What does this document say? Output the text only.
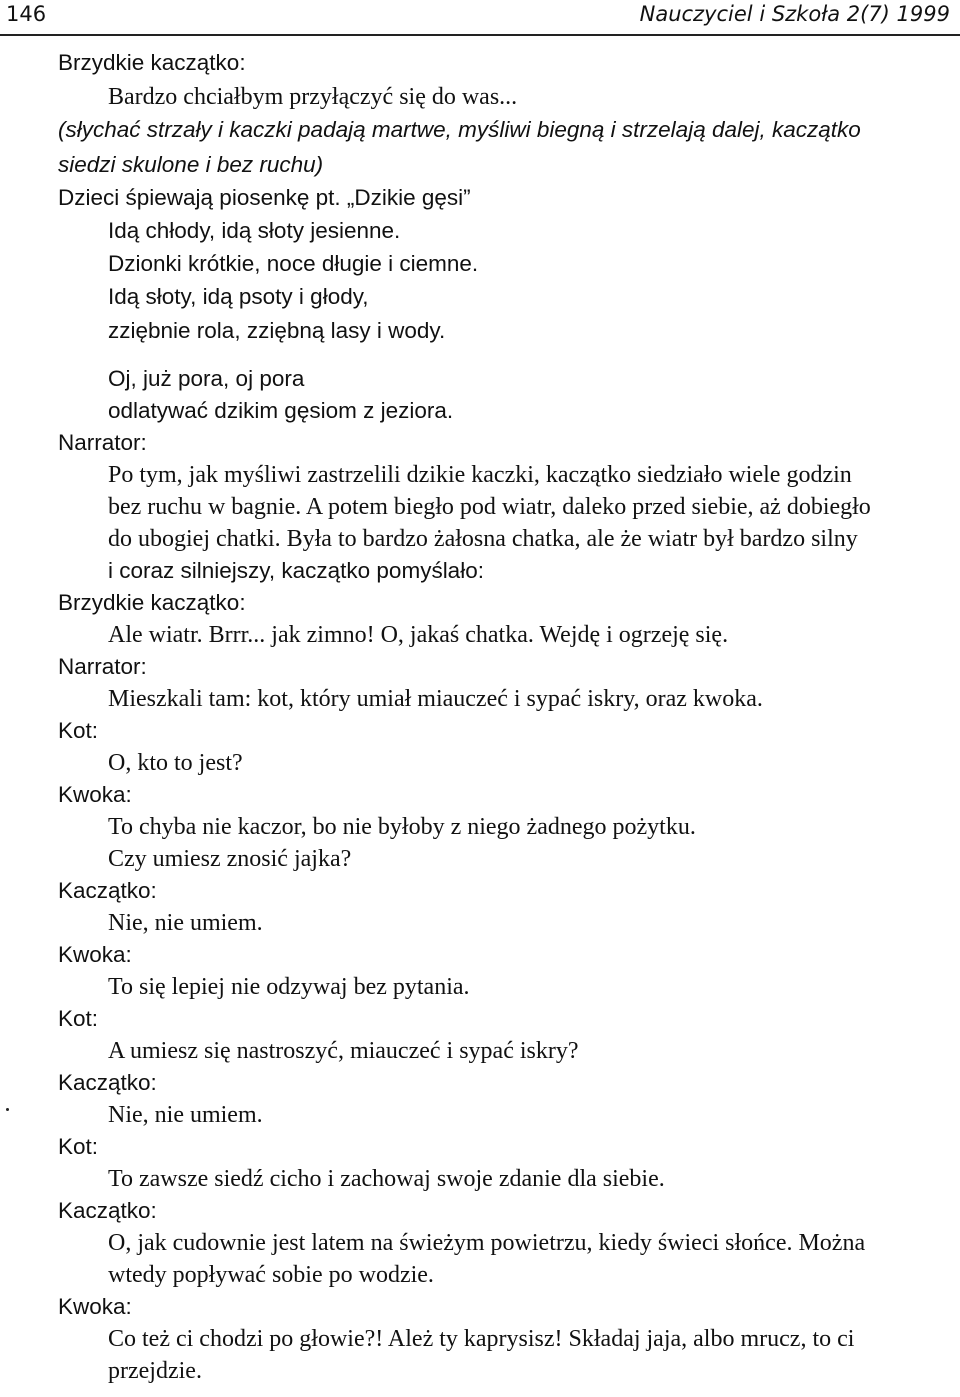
146	Nauczyciel i Szkoła 2(7) 1999
Brzydkie kaczątko:
Bardzo chciałbym przyłączyć się do was...
(słychać strzały i kaczki padają martwe, myśliwi biegną i strzelają dalej, kaczątko
siedzi skulone i bez ruchu)
Dzieci śpiewają piosenkę pt. „Dzikie gęsi”
Idą chłody, idą słoty jesienne.
Dzionki krótkie, noce długie i ciemne.
Idą słoty, idą psoty i głody,
zziębnie rola, zziębną lasy i wody.
Oj, już pora, oj pora
odlatywać dzikim gęsiom z jeziora.
Narrator:
Po tym, jak myśliwi zastrzelili dzikie kaczki, kaczątko siedziało wiele godzin
bez ruchu w bagnie. A potem biegło pod wiatr, daleko przed siebie, aż dobiegło
do ubogiej chatki. Była to bardzo żałosna chatka, ale że wiatr był bardzo silny
i coraz silniejszy, kaczątko pomyślało:
Brzydkie kaczątko:
Ale wiatr. Brrr... jak zimno! O, jakaś chatka. Wejdę i ogrzeję się.
Narrator:
Mieszkali tam: kot, który umiał miauczeć i sypać iskry, oraz kwoka.
Kot:
O, kto to jest?
Kwoka:
To chyba nie kaczor, bo nie byłoby z niego żadnego pożytku.
Czy umiesz znosić jajka?
Kaczątko:
Nie, nie umiem.
Kwoka:
To się lepiej nie odzywaj bez pytania.
Kot:
A umiesz się nastroszyć, miauczeć i sypać iskry?
Kaczątko:
Nie, nie umiem.
Kot:
To zawsze siedź cicho i zachowaj swoje zdanie dla siebie.
Kaczątko:
O, jak cudownie jest latem na świeżym powietrzu, kiedy świeci słońce. Można
wtedy popływać sobie po wodzie.
Kwoka:
Co też ci chodzi po głowie?! Ależ ty kaprysisz! Składaj jaja, albo mrucz, to ci
przejdzie.
